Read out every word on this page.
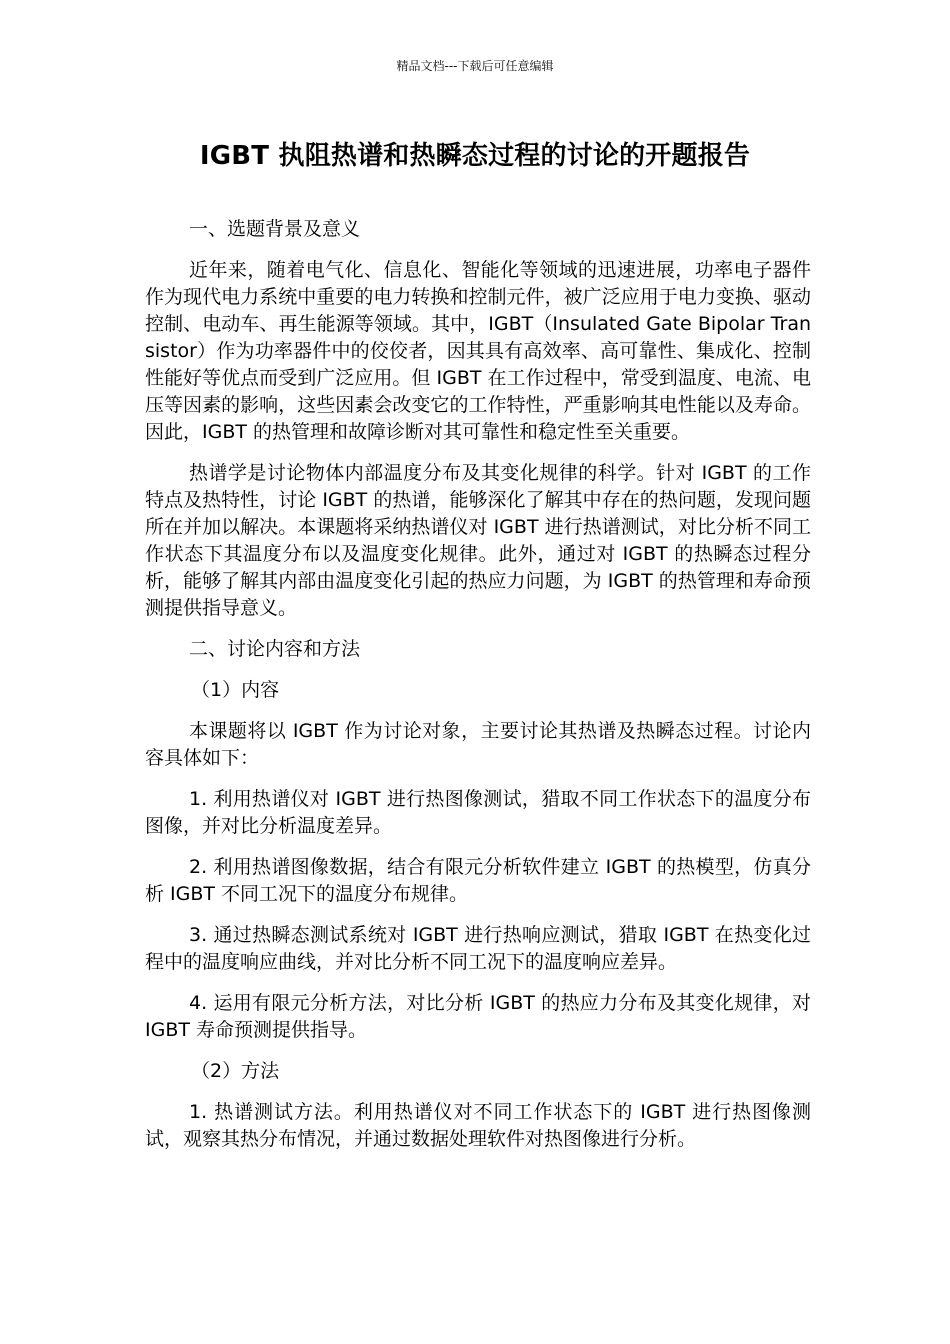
精品文档---下载后可任意编辑
IGBT 执阻热谱和热瞬态过程的讨论的开题报告

一、选题背景及意义

近年来，随着电气化、信息化、智能化等领域的迅速进展，功率电子器件作为现代电力系统中重要的电力转换和控制元件，被广泛应用于电力变换、驱动控制、电动车、再生能源等领域。其中，IGBT（Insulated Gate Bipolar Transistor）作为功率器件中的佼佼者，因其具有高效率、高可靠性、集成化、控制性能好等优点而受到广泛应用。但 IGBT 在工作过程中，常受到温度、电流、电压等因素的影响，这些因素会改变它的工作特性，严重影响其电性能以及寿命。因此，IGBT 的热管理和故障诊断对其可靠性和稳定性至关重要。

热谱学是讨论物体内部温度分布及其变化规律的科学。针对 IGBT 的工作特点及热特性，讨论 IGBT 的热谱，能够深化了解其中存在的热问题，发现问题所在并加以解决。本课题将采纳热谱仪对 IGBT 进行热谱测试，对比分析不同工作状态下其温度分布以及温度变化规律。此外，通过对 IGBT 的热瞬态过程分析，能够了解其内部由温度变化引起的热应力问题，为 IGBT 的热管理和寿命预测提供指导意义。

二、讨论内容和方法

（1）内容

本课题将以 IGBT 作为讨论对象，主要讨论其热谱及热瞬态过程。讨论内容具体如下：

1. 利用热谱仪对 IGBT 进行热图像测试，猎取不同工作状态下的温度分布图像，并对比分析温度差异。

2. 利用热谱图像数据，结合有限元分析软件建立 IGBT 的热模型，仿真分析 IGBT 不同工况下的温度分布规律。

3. 通过热瞬态测试系统对 IGBT 进行热响应测试，猎取 IGBT 在热变化过程中的温度响应曲线，并对比分析不同工况下的温度响应差异。

4. 运用有限元分析方法，对比分析 IGBT 的热应力分布及其变化规律，对 IGBT 寿命预测提供指导。

（2）方法

1. 热谱测试方法。利用热谱仪对不同工作状态下的 IGBT 进行热图像测试，观察其热分布情况，并通过数据处理软件对热图像进行分析。
